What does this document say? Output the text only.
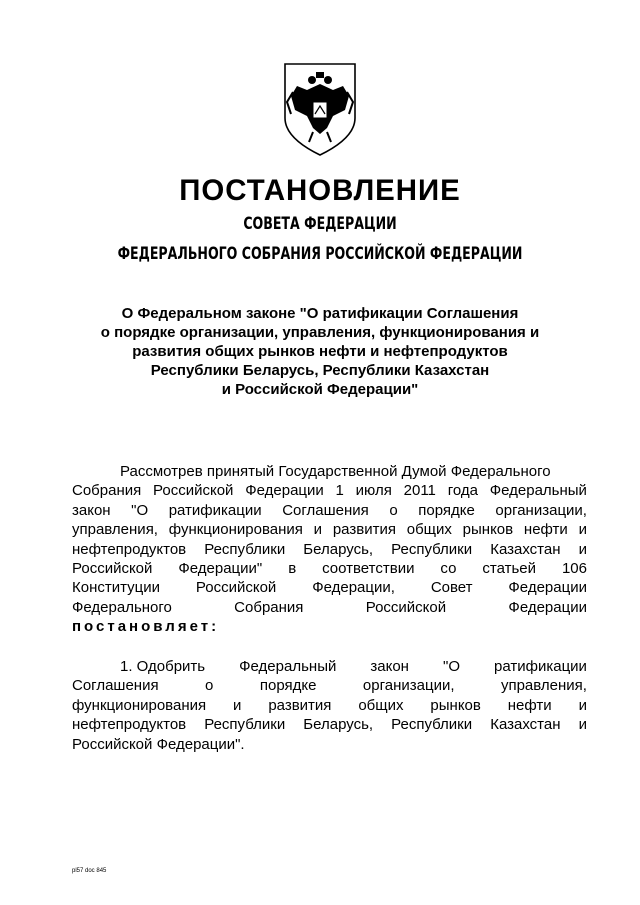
ПОСТАНОВЛЕНИЕ
СОВЕТА ФЕДЕРАЦИИ
ФЕДЕРАЛЬНОГО СОБРАНИЯ РОССИЙСКОЙ ФЕДЕРАЦИИ
О Федеральном законе "О ратификации Соглашения
о порядке организации, управления, функционирования и
развития общих рынков нефти и нефтепродуктов
Республики Беларусь, Республики Казахстан
и Российской Федерации"
Рассмотрев принятый Государственной Думой Федерального
Собрания Российской Федерации 1 июля 2011 года Федеральный
закон "О ратификации Соглашения о порядке организации,
управления, функционирования и развития общих рынков нефти и
нефтепродуктов Республики Беларусь, Республики Казахстан и
Российской Федерации" в соответствии со статьей 106
Конституции Российской Федерации, Совет Федерации
Федерального	Собрания	Российской	Федерации
постановляет:
1. Одобрить Федеральный закон "О ратификации
Соглашения	о	порядке	организации,	управления,
функционирования и развития общих рынков нефти и
нефтепродуктов Республики Беларусь, Республики Казахстан и
Российской Федерации".
pl57 doc 845
